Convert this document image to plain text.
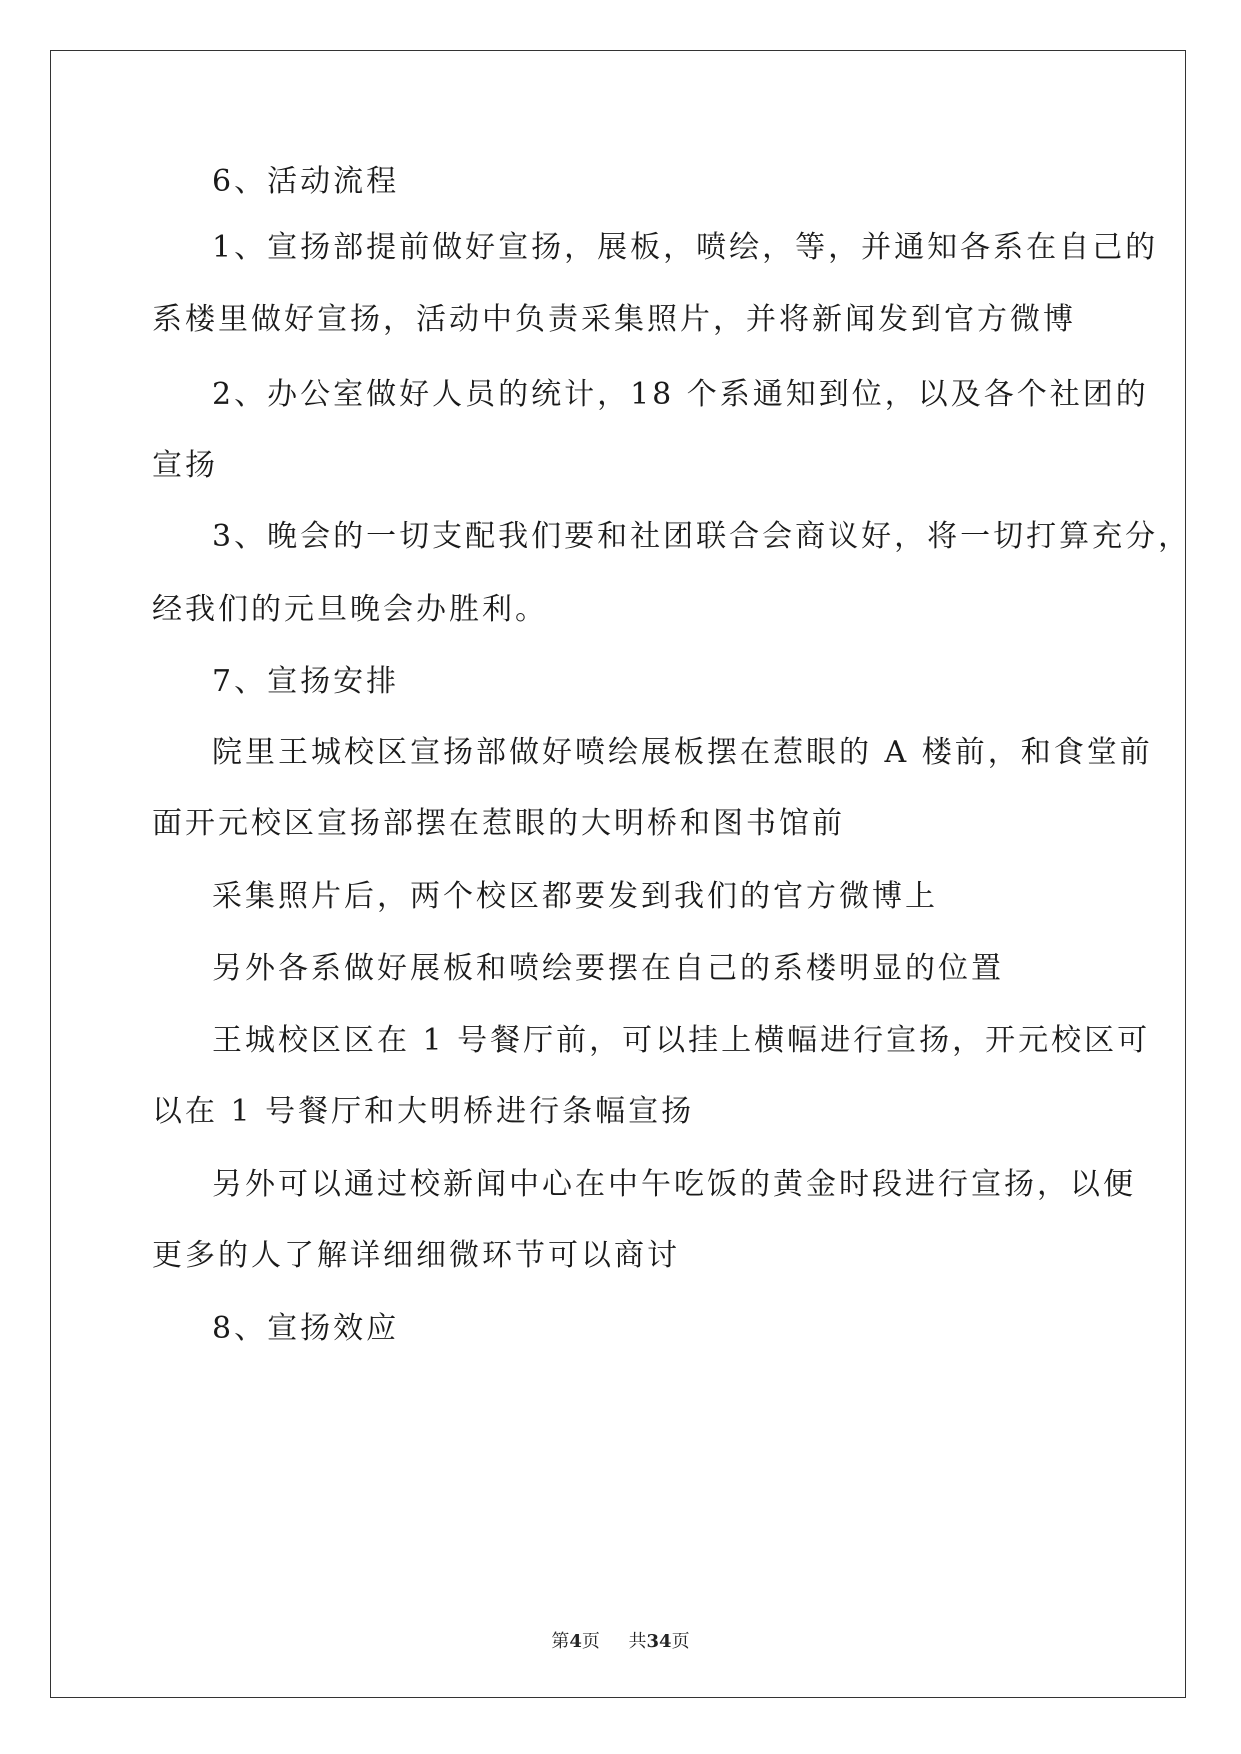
6、活动流程

1、宣扬部提前做好宣扬，展板，喷绘，等，并通知各系在自己的

系楼里做好宣扬，活动中负责采集照片，并将新闻发到官方微博

2、办公室做好人员的统计，18 个系通知到位，以及各个社团的

宣扬

3、晚会的一切支配我们要和社团联合会商议好，将一切打算充分，

经我们的元旦晚会办胜利。

7、宣扬安排

院里王城校区宣扬部做好喷绘展板摆在惹眼的 A 楼前，和食堂前

面开元校区宣扬部摆在惹眼的大明桥和图书馆前

采集照片后，两个校区都要发到我们的官方微博上

另外各系做好展板和喷绘要摆在自己的系楼明显的位置

王城校区区在 1 号餐厅前，可以挂上横幅进行宣扬，开元校区可

以在 1 号餐厅和大明桥进行条幅宣扬

另外可以通过校新闻中心在中午吃饭的黄金时段进行宣扬，以便

更多的人了解详细细微环节可以商讨

8、宣扬效应

第4页 共34页
